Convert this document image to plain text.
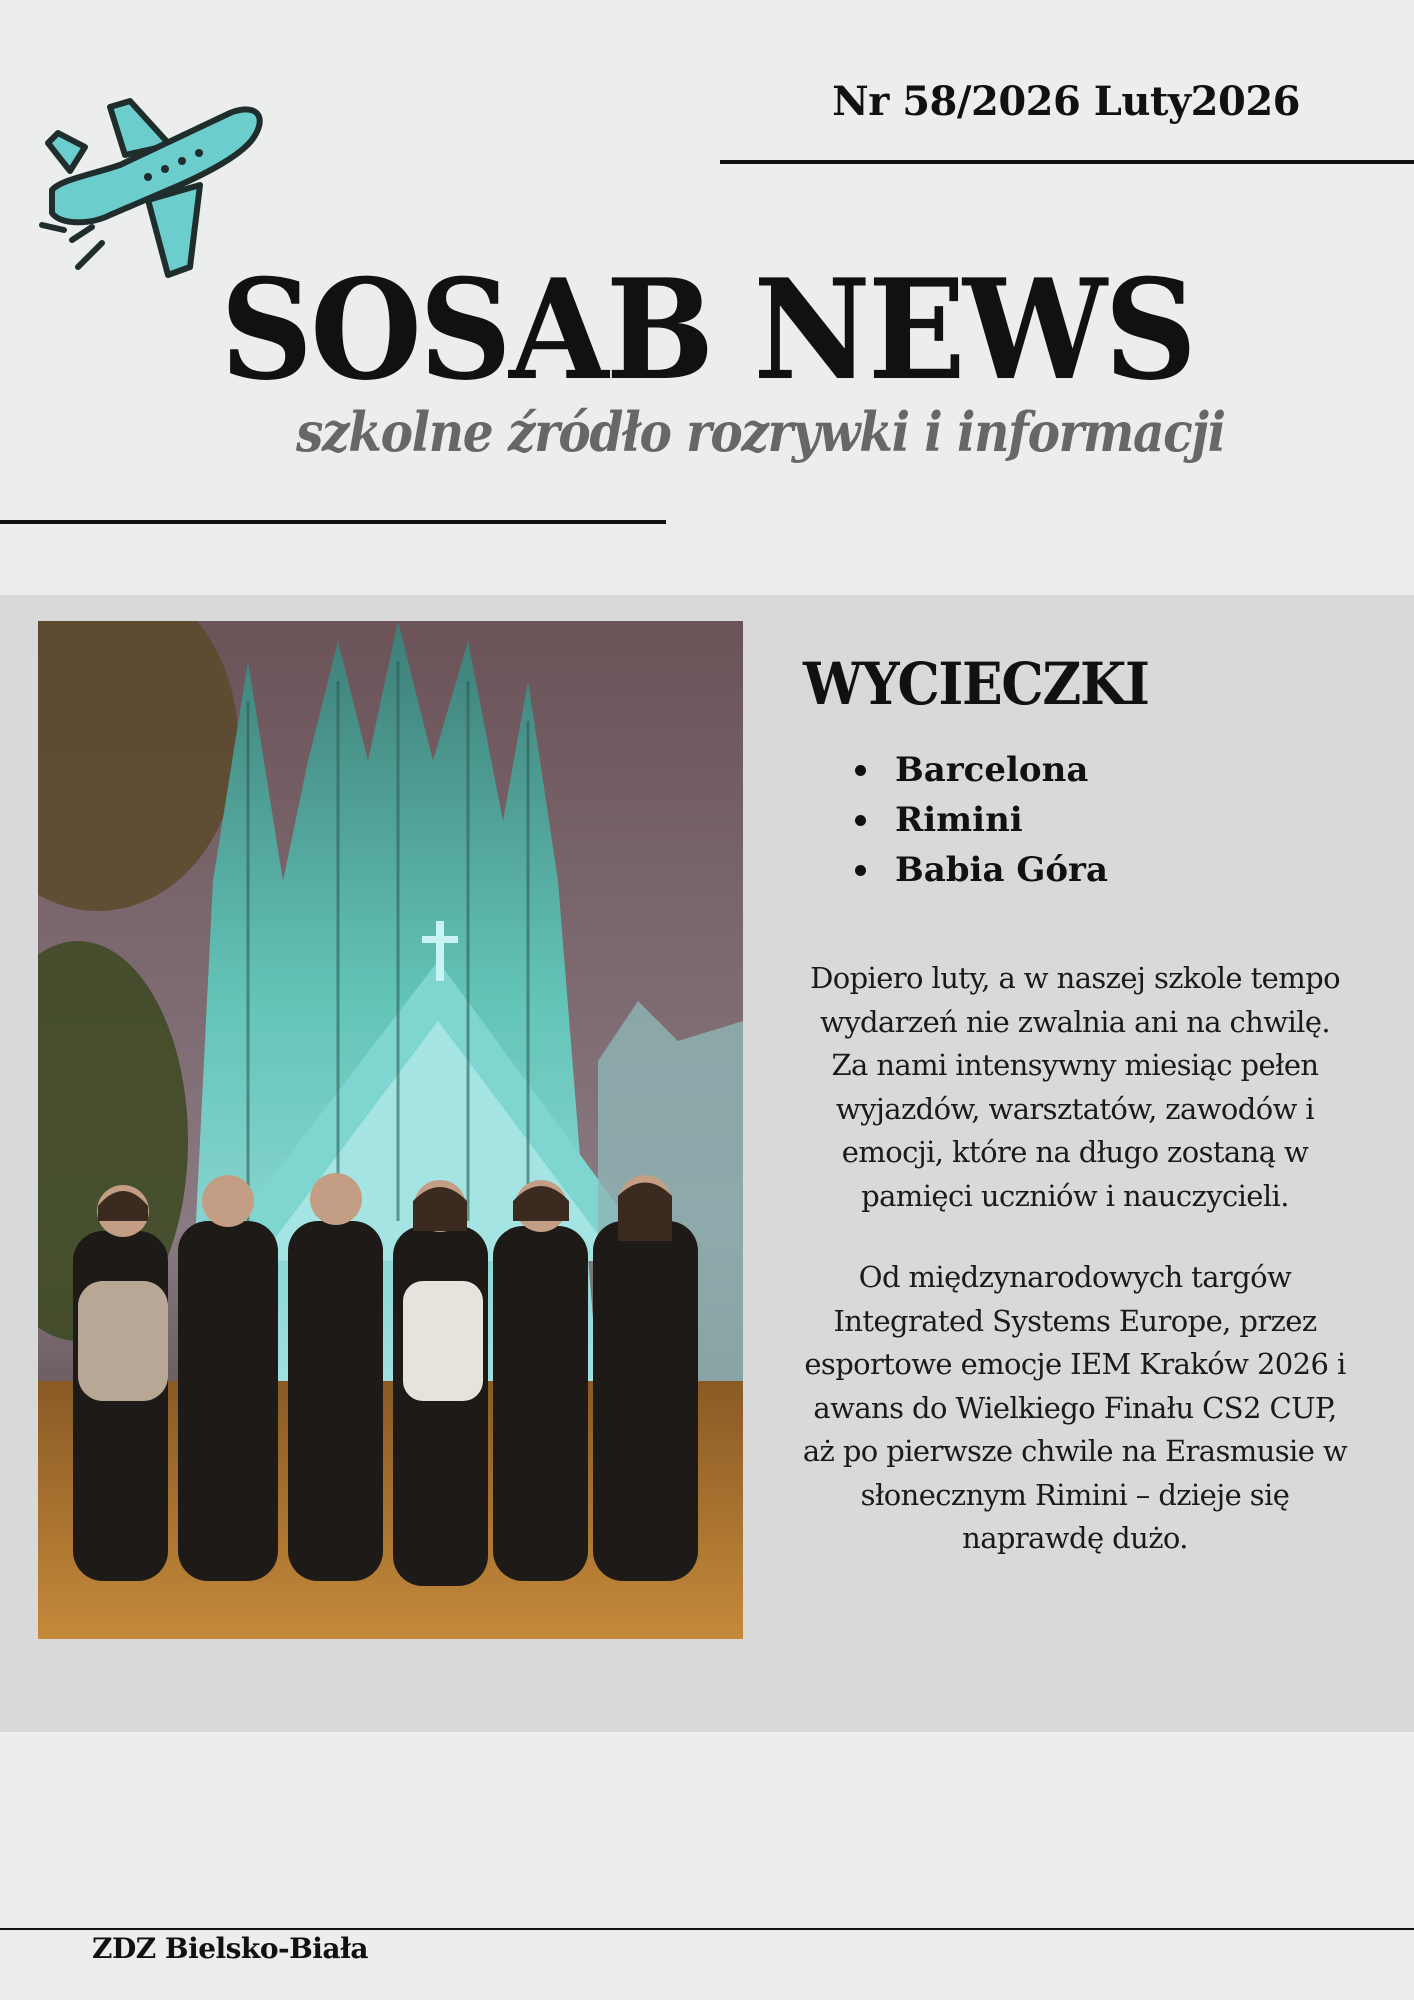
Nr 58/2026 Luty2026
SOSAB NEWS
szkolne źródło rozrywki i informacji
WYCIECZKI
Barcelona
Rimini
Babia Góra

Dopiero luty, a w naszej szkole tempo wydarzeń nie zwalnia ani na chwilę. Za nami intensywny miesiąc pełen wyjazdów, warsztatów, zawodów i emocji, które na długo zostaną w pamięci uczniów i nauczycieli.

Od międzynarodowych targów Integrated Systems Europe, przez esportowe emocje IEM Kraków 2026 i awans do Wielkiego Finału CS2 CUP, aż po pierwsze chwile na Erasmusie w słonecznym Rimini – dzieje się naprawdę dużo.

ZDZ Bielsko-Biała
